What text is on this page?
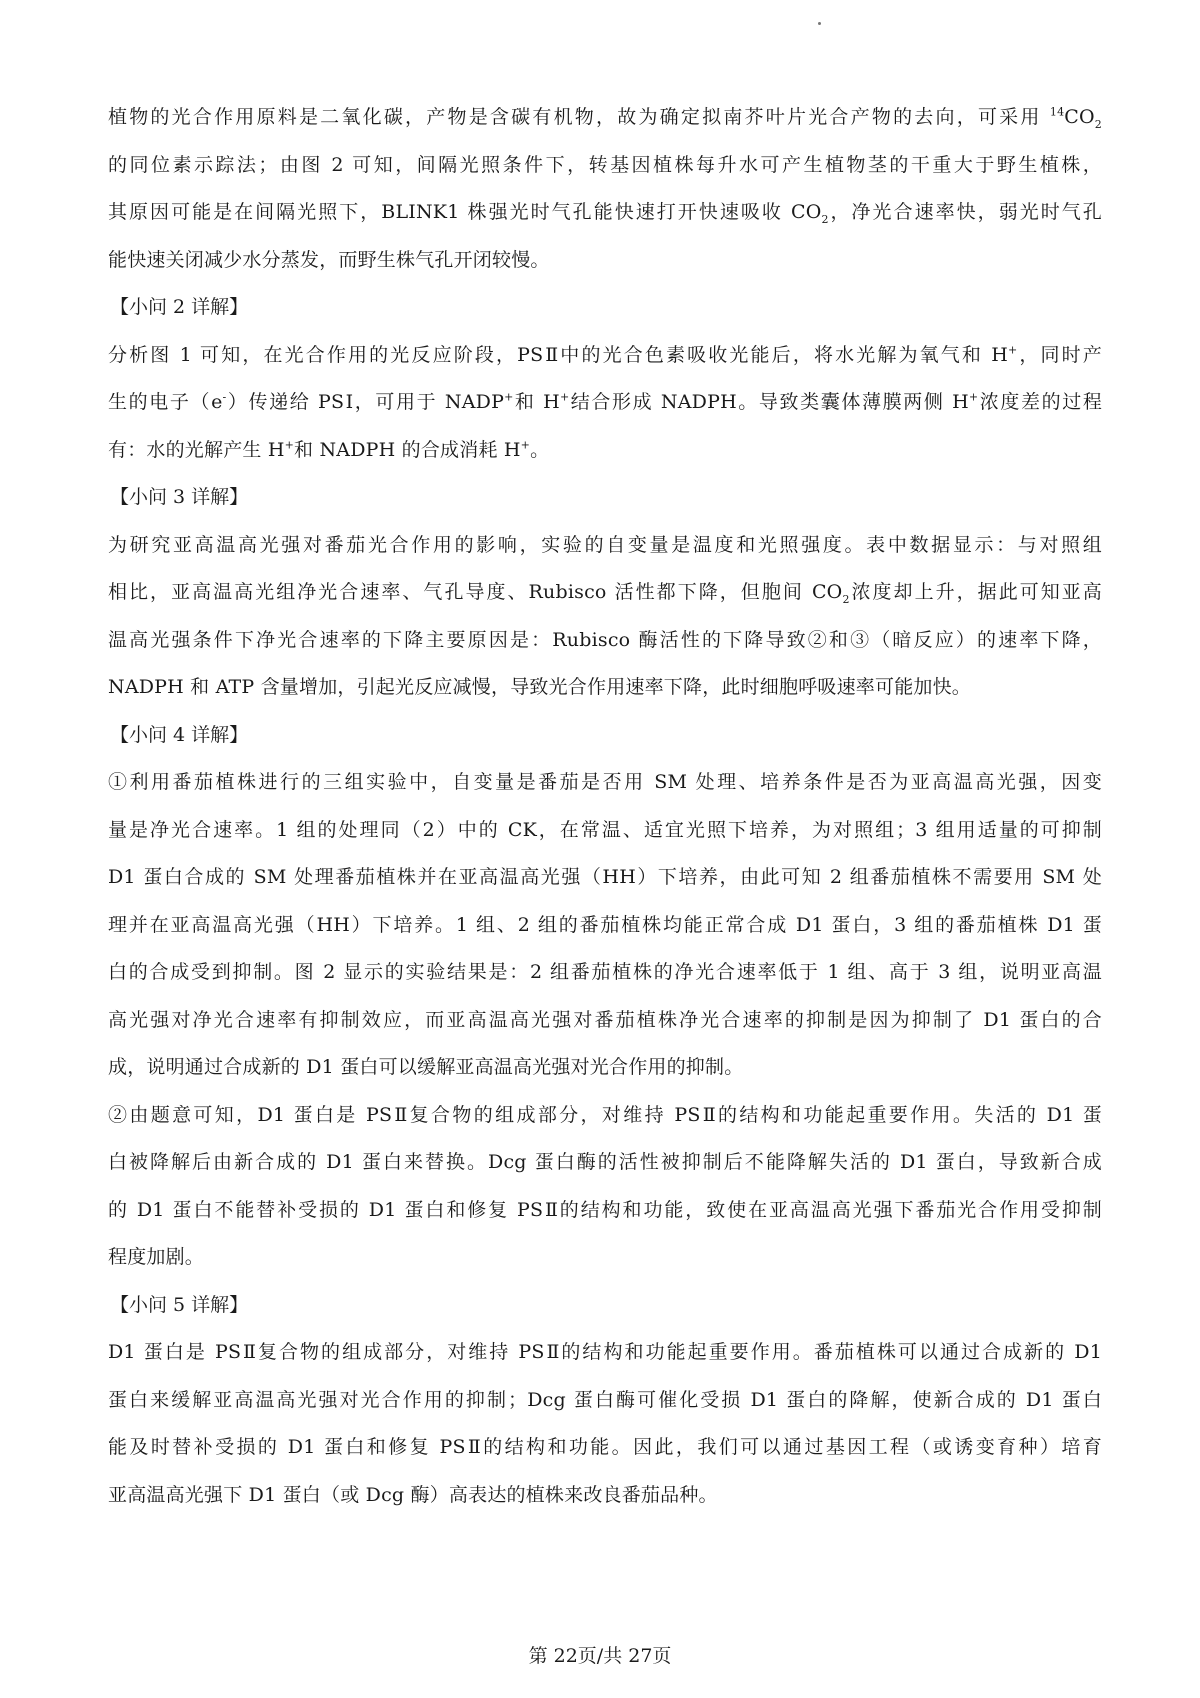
植物的光合作用原料是二氧化碳，产物是含碳有机物，故为确定拟南芥叶片光合产物的去向，可采用 $^{14}CO_2$
的同位素示踪法；由图 2 可知，间隔光照条件下，转基因植株每升水可产生植物茎的干重大于野生植株，
其原因可能是在间隔光照下，BLINK1 株强光时气孔能快速打开快速吸收 $CO_2$，净光合速率快，弱光时气孔
能快速关闭减少水分蒸发，而野生株气孔开闭较慢。
【小问 2 详解】
分析图 1 可知，在光合作用的光反应阶段，PSⅡ中的光合色素吸收光能后，将水光解为氧气和 H+，同时产
生的电子（e-）传递给 PSⅠ，可用于 NADP+和 H+结合形成 NADPH。导致类囊体薄膜两侧 H+浓度差的过程
有：水的光解产生 H+和 NADPH 的合成消耗 H+。
【小问 3 详解】
为研究亚高温高光强对番茄光合作用的影响，实验的自变量是温度和光照强度。表中数据显示：与对照组
相比，亚高温高光组净光合速率、气孔导度、Rubisco 活性都下降，但胞间 $CO_2$浓度却上升，据此可知亚高
温高光强条件下净光合速率的下降主要原因是：Rubisco 酶活性的下降导致②和③（暗反应）的速率下降，
NADPH 和 ATP 含量增加，引起光反应减慢，导致光合作用速率下降，此时细胞呼吸速率可能加快。
【小问 4 详解】
①利用番茄植株进行的三组实验中，自变量是番茄是否用 SM 处理、培养条件是否为亚高温高光强，因变
量是净光合速率。1 组的处理同（2）中的 CK，在常温、适宜光照下培养，为对照组；3 组用适量的可抑制
D1 蛋白合成的 SM 处理番茄植株并在亚高温高光强（HH）下培养，由此可知 2 组番茄植株不需要用 SM 处
理并在亚高温高光强（HH）下培养。1 组、2 组的番茄植株均能正常合成 D1 蛋白，3 组的番茄植株 D1 蛋
白的合成受到抑制。图 2 显示的实验结果是：2 组番茄植株的净光合速率低于 1 组、高于 3 组，说明亚高温
高光强对净光合速率有抑制效应，而亚高温高光强对番茄植株净光合速率的抑制是因为抑制了 D1 蛋白的合
成，说明通过合成新的 D1 蛋白可以缓解亚高温高光强对光合作用的抑制。
②由题意可知，D1 蛋白是 PSⅡ复合物的组成部分，对维持 PSⅡ的结构和功能起重要作用。失活的 D1 蛋
白被降解后由新合成的 D1 蛋白来替换。Dcg 蛋白酶的活性被抑制后不能降解失活的 D1 蛋白，导致新合成
的 D1 蛋白不能替补受损的 D1 蛋白和修复 PSⅡ的结构和功能，致使在亚高温高光强下番茄光合作用受抑制
程度加剧。
【小问 5 详解】
D1 蛋白是 PSⅡ复合物的组成部分，对维持 PSⅡ的结构和功能起重要作用。番茄植株可以通过合成新的 D1
蛋白来缓解亚高温高光强对光合作用的抑制；Dcg 蛋白酶可催化受损 D1 蛋白的降解，使新合成的 D1 蛋白
能及时替补受损的 D1 蛋白和修复 PSⅡ的结构和功能。因此，我们可以通过基因工程（或诱变育种）培育
亚高温高光强下 D1 蛋白（或 Dcg 酶）高表达的植株来改良番茄品种。
第 22页/共 27页
